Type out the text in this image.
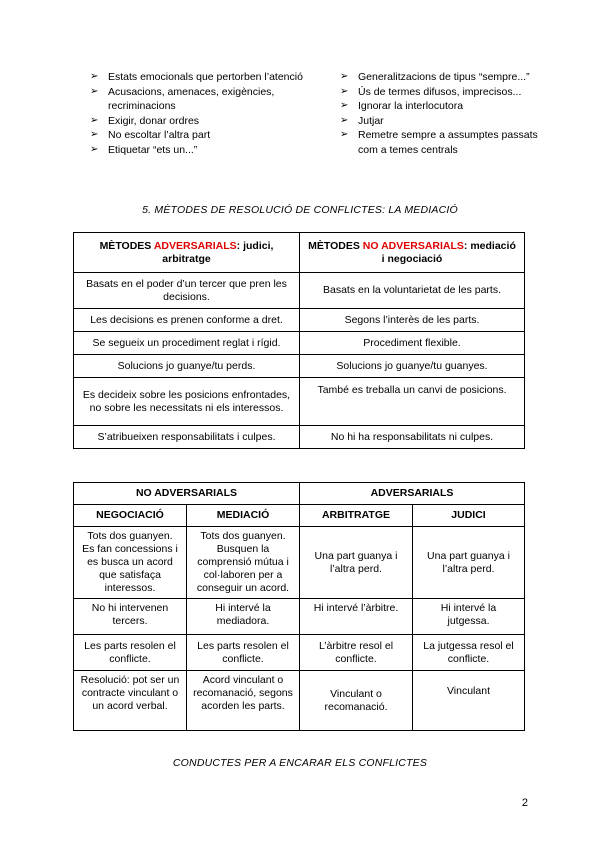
➢ Estats emocionals que pertorben l’atenció
➢ Acusacions, amenaces, exigències, recriminacions
➢ Exigir, donar ordres
➢ No escoltar l’altra part
➢ Etiquetar “ets un...”
➢ Generalitzacions de tipus “sempre...”
➢ Ús de termes difusos, imprecisos...
➢ Ignorar la interlocutora
➢ Jutjar
➢ Remetre sempre a assumptes passats com a temes centrals
5. MÈTODES DE RESOLUCIÓ DE CONFLICTES: LA MEDIACIÓ
MÈTODES ADVERSARIALS: judici, arbitratge	MÈTODES NO ADVERSARIALS: mediació i negociació
Basats en el poder d’un tercer que pren les decisions.	Basats en la voluntarietat de les parts.
Les decisions es prenen conforme a dret.	Segons l’interès de les parts.
Se segueix un procediment reglat i rígid.	Procediment flexible.
Solucions jo guanye/tu perds.	Solucions jo guanye/tu guanyes.
Es decideix sobre les posicions enfrontades, no sobre les necessitats ni els interessos.	També es treballa un canvi de posicions.
S’atribueixen responsabilitats i culpes.	No hi ha responsabilitats ni culpes.
NO ADVERSARIALS		ADVERSARIALS	
NEGOCIACIÓ	MEDIACIÓ	ARBITRATGE	JUDICI
Tots dos guanyen. Es fan concessions i es busca un acord que satisfaça interessos.	Tots dos guanyen. Busquen la comprensió mútua i col·laboren per a conseguir un acord.	Una part guanya i l’altra perd.	Una part guanya i l’altra perd.
No hi intervenen tercers.	Hi intervé la mediadora.	Hi intervé l’àrbitre.	Hi intervé la jutgessa.
Les parts resolen el conflicte.	Les parts resolen el conflicte.	L’àrbitre resol el conflicte.	La jutgessa resol el conflicte.
Resolució: pot ser un contracte vinculant o un acord verbal.	Acord vinculant o recomanació, segons acorden les parts.	Vinculant o recomanació.	Vinculant
CONDUCTES PER A ENCARAR ELS CONFLICTES
2
